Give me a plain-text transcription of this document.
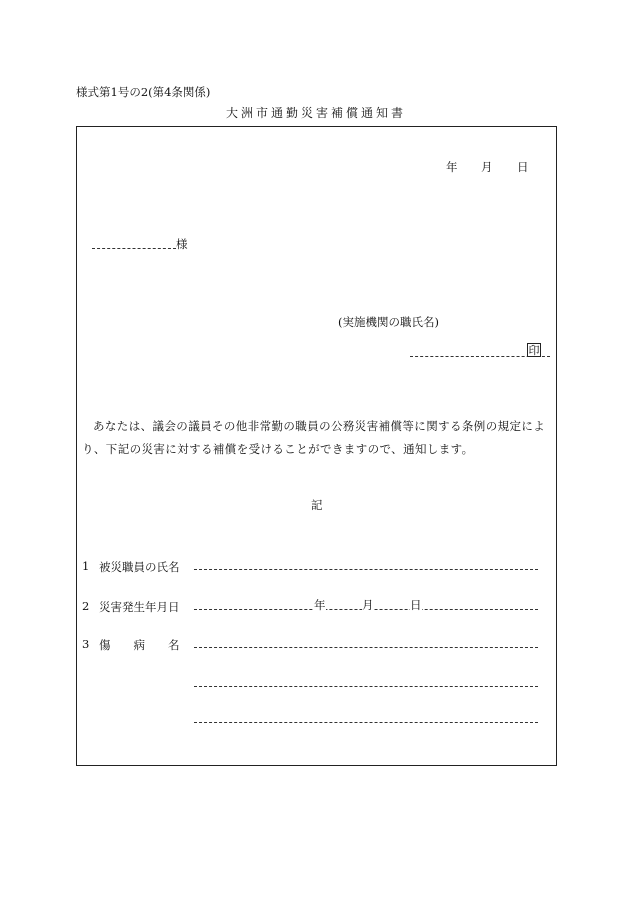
様式第1号の2(第4条関係)
大洲市通勤災害補償通知書
年 月 日
様
(実施機関の職氏名)
印
あなたは、議会の議員その他非常勤の職員の公務災害補償等に関する条例の規定によ
り、下記の災害に対する補償を受けることができますので、通知します。
記
1 被災職員の氏名
2 災害発生年月日	年	月	日
3 傷　　病　　名
